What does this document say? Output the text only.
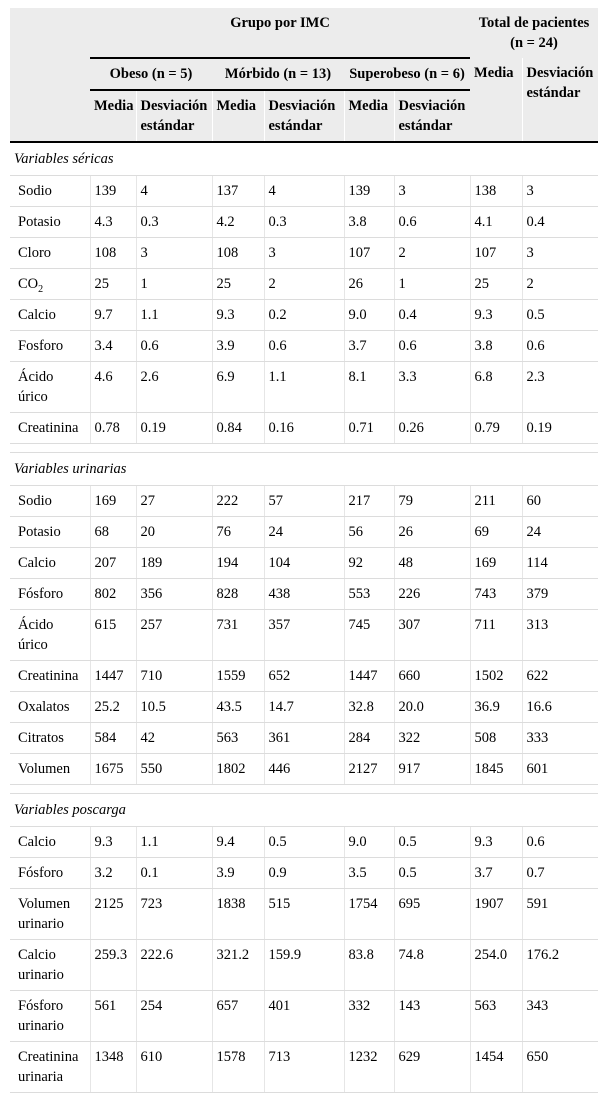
	Grupo por IMC						Total de pacientes (n = 24)	
	Obeso (n = 5)		Mórbido (n = 13)		Superobeso (n = 6)		Media	Desviación estándar
	Media	Desviación estándar	Media	Desviación estándar	Media	Desviación estándar		
Variables séricas								
Sodio	139	4	137	4	139	3	138	3
Potasio	4.3	0.3	4.2	0.3	3.8	0.6	4.1	0.4
Cloro	108	3	108	3	107	2	107	3
$CO_2$	25	1	25	2	26	1	25	2
Calcio	9.7	1.1	9.3	0.2	9.0	0.4	9.3	0.5
Fosforo	3.4	0.6	3.9	0.6	3.7	0.6	3.8	0.6
Ácido úrico	4.6	2.6	6.9	1.1	8.1	3.3	6.8	2.3
Creatinina	0.78	0.19	0.84	0.16	0.71	0.26	0.79	0.19

Variables urinarias								
Sodio	169	27	222	57	217	79	211	60
Potasio	68	20	76	24	56	26	69	24
Calcio	207	189	194	104	92	48	169	114
Fósforo	802	356	828	438	553	226	743	379
Ácido úrico	615	257	731	357	745	307	711	313
Creatinina	1447	710	1559	652	1447	660	1502	622
Oxalatos	25.2	10.5	43.5	14.7	32.8	20.0	36.9	16.6
Citratos	584	42	563	361	284	322	508	333
Volumen	1675	550	1802	446	2127	917	1845	601

Variables poscarga								
Calcio	9.3	1.1	9.4	0.5	9.0	0.5	9.3	0.6
Fósforo	3.2	0.1	3.9	0.9	3.5	0.5	3.7	0.7
Volumen urinario	2125	723	1838	515	1754	695	1907	591
Calcio urinario	259.3	222.6	321.2	159.9	83.8	74.8	254.0	176.2
Fósforo urinario	561	254	657	401	332	143	563	343
Creatinina urinaria	1348	610	1578	713	1232	629	1454	650
